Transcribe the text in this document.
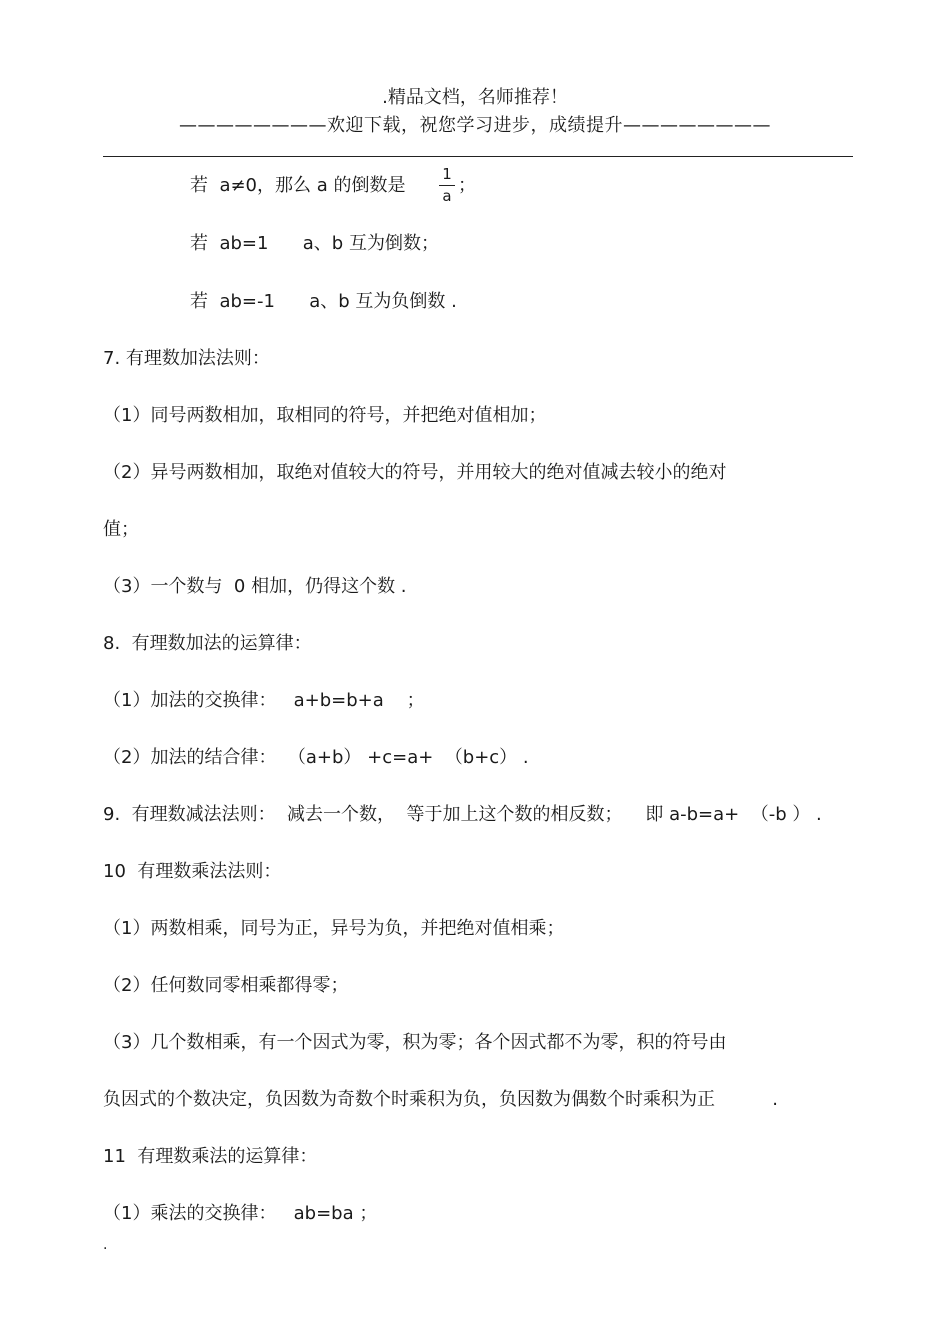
.精品文档，名师推荐！
————————欢迎下载，祝您学习进步，成绩提升————————
若  a≠0，那么 a 的倒数是
1
a ；
若  ab=1      a、b 互为倒数；
若  ab=-1      a、b 互为负倒数 .
7. 有理数加法法则：
（1）同号两数相加，取相同的符号，并把绝对值相加；
（2）异号两数相加，取绝对值较大的符号，并用较大的绝对值减去较小的绝对
值；
（3）一个数与  0 相加，仍得这个数 .
8.  有理数加法的运算律：
（1）加法的交换律：   a+b=b+a    ；
（2）加法的结合律：  （a+b） +c=a+  （b+c） .
9.  有理数减法法则：  减去一个数，  等于加上这个数的相反数；    即 a-b=a+  （-b ） .
10  有理数乘法法则：
（1）两数相乘，同号为正，异号为负，并把绝对值相乘；
（2）任何数同零相乘都得零；
（3）几个数相乘，有一个因式为零，积为零；各个因式都不为零，积的符号由
负因式的个数决定，负因数为奇数个时乘积为负，负因数为偶数个时乘积为正          .
11  有理数乘法的运算律：
（1）乘法的交换律：   ab=ba ；
.
